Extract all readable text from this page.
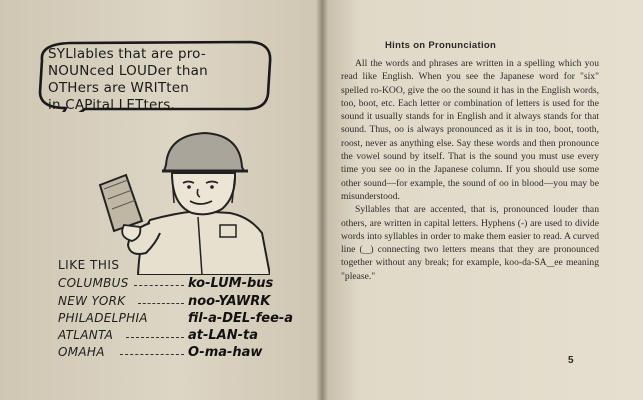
SYLlables that are pro-
NOUNced LOUDer than
OTHers are WRITten
in CAPital LETters.
LIKE THIS
COLUMBUS	ko-LUM-bus
NEW YORK	noo-YAWRK
PHILADELPHIA	fil-a-DEL-fee-a
ATLANTA	at-LAN-ta
OMAHA	O-ma-haw
Hints on Pronunciation

All the words and phrases are written in a spelling which you read like English. When you see the Japanese word for "six" spelled ro-KOO, give the oo the sound it has in the English words, too, boot, etc. Each letter or combination of letters is used for the sound it usually stands for in English and it always stands for that sound. Thus, oo is always pronounced as it is in too, boot, tooth, roost, never as anything else. Say these words and then pronounce the vowel sound by itself. That is the sound you must use every time you see oo in the Japanese column. If you should use some other sound—for example, the sound of oo in blood—you may be misunderstood.

Syllables that are accented, that is, pronounced louder than others, are written in capital letters. Hyphens (-) are used to divide words into syllables in order to make them easier to read. A curved line (‿) connecting two letters means that they are pronounced together without any break; for example, koo-da-SA‿ee meaning "please."

5
